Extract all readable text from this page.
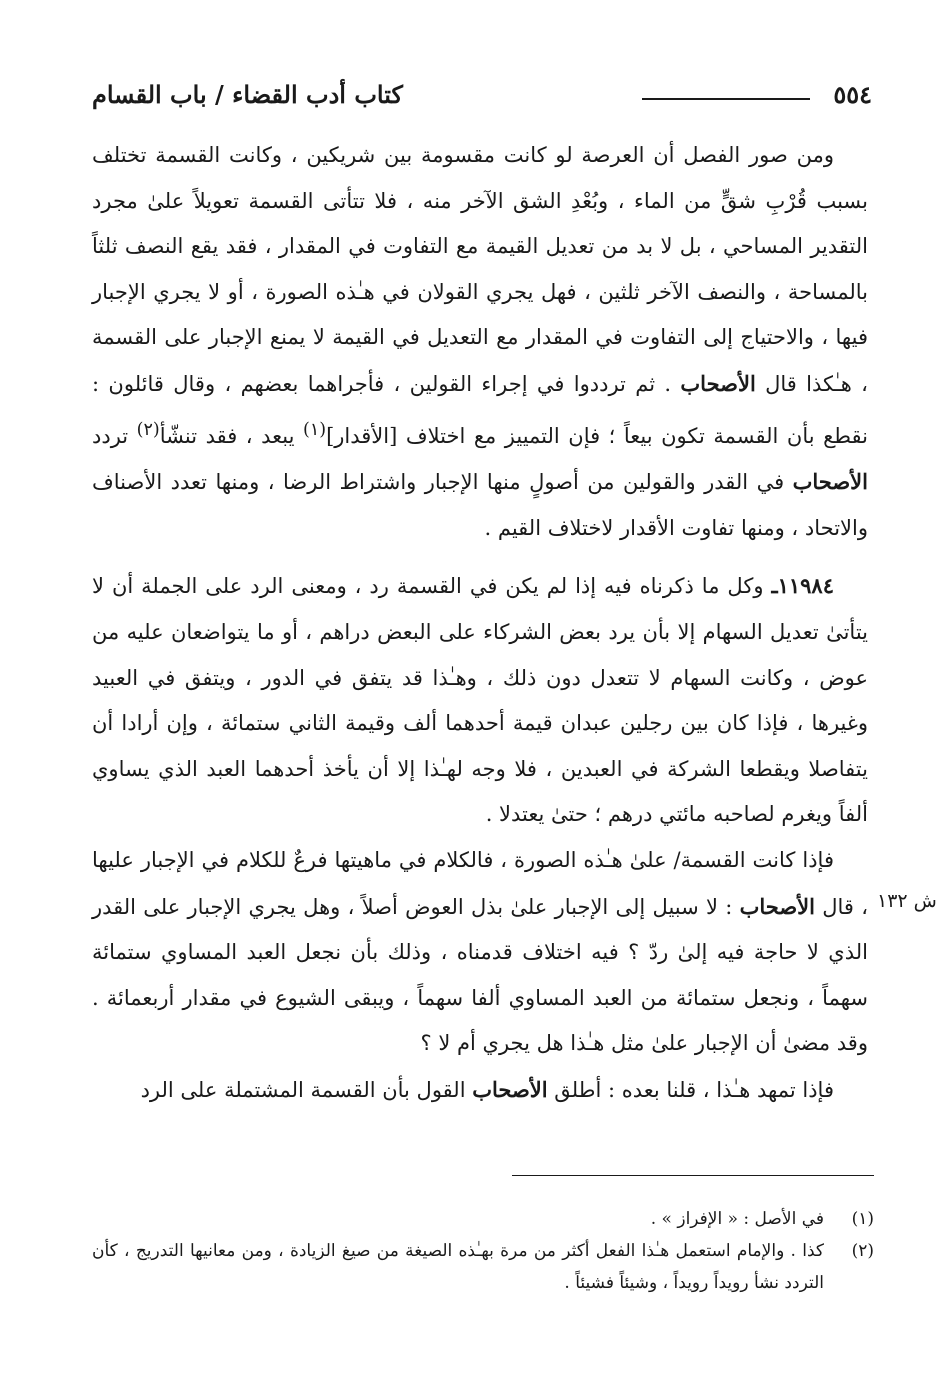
٥٥٤
كتاب أدب القضاء / باب القسام

ومن صور الفصل أن العرصة لو كانت مقسومة بين شريكين ، وكانت القسمة تختلف بسبب قُرْبِ شقٍّ من الماء ، وبُعْدِ الشق الآخر منه ، فلا تتأتى القسمة تعويلاً علىٰ مجرد التقدير المساحي ، بل لا بد من تعديل القيمة مع التفاوت في المقدار ، فقد يقع النصف ثلثاً بالمساحة ، والنصف الآخر ثلثين ، فهل يجري القولان في هـٰذه الصورة ، أو لا يجري الإجبار فيها ، والاحتياج إلى التفاوت في المقدار مع التعديل في القيمة لا يمنع الإجبار على القسمة ، هـٰكذا قال الأصحاب . ثم ترددوا في إجراء القولين ، فأجراهما بعضهم ، وقال قائلون : نقطع بأن القسمة تكون بيعاً ؛ فإن التمييز مع اختلاف [الأقدار]$^{(١)}$ يبعد ، فقد تنشّأ$^{(٢)}$ تردد الأصحاب في القدر والقولين من أصولٍ منها الإجبار واشتراط الرضا ، ومنها تعدد الأصناف والاتحاد ، ومنها تفاوت الأقدار لاختلاف القيم .

١١٩٨٤ـ وكل ما ذكرناه فيه إذا لم يكن في القسمة رد ، ومعنى الرد على الجملة أن لا يتأتىٰ تعديل السهام إلا بأن يرد بعض الشركاء على البعض دراهم ، أو ما يتواضعان عليه من عوض ، وكانت السهام لا تتعدل دون ذلك ، وهـٰذا قد يتفق في الدور ، ويتفق في العبيد وغيرها ، فإذا كان بين رجلين عبدان قيمة أحدهما ألف وقيمة الثاني ستمائة ، وإن أرادا أن يتفاصلا ويقطعا الشركة في العبدين ، فلا وجه لهـٰذا إلا أن يأخذ أحدهما العبد الذي يساوي ألفاً ويغرم لصاحبه مائتي درهم ؛ حتىٰ يعتدلا .

فإذا كانت القسمة/ علىٰ هـٰذه الصورة ، فالكلام في ماهيتها فرعٌ للكلام في الإجبار عليها ، قال الأصحاب : لا سبيل إلى الإجبار علىٰ بذل العوض أصلاً ، وهل يجري الإجبار على القدر الذي لا حاجة فيه إلىٰ ردّ ؟ فيه اختلاف قدمناه ، وذلك بأن نجعل العبد المساوي ستمائة سهماً ، ونجعل ستمائة من العبد المساوي ألفا سهماً ، ويبقى الشيوع في مقدار أربعمائة . وقد مضىٰ أن الإجبار علىٰ مثل هـٰذا هل يجري أم لا ؟

فإذا تمهد هـٰذا ، قلنا بعده : أطلق الأصحاب القول بأن القسمة المشتملة على الرد

ش ١٣٢
(١)
في الأصل : « الإفراز » .
(٢)
كذا . والإمام استعمل هـٰذا الفعل أكثر من مرة بهـٰذه الصيغة من صيغ الزيادة ، ومن معانيها التدريج ، كأن التردد نشأ رويداً رويداً ، وشيئاً فشيئاً .
